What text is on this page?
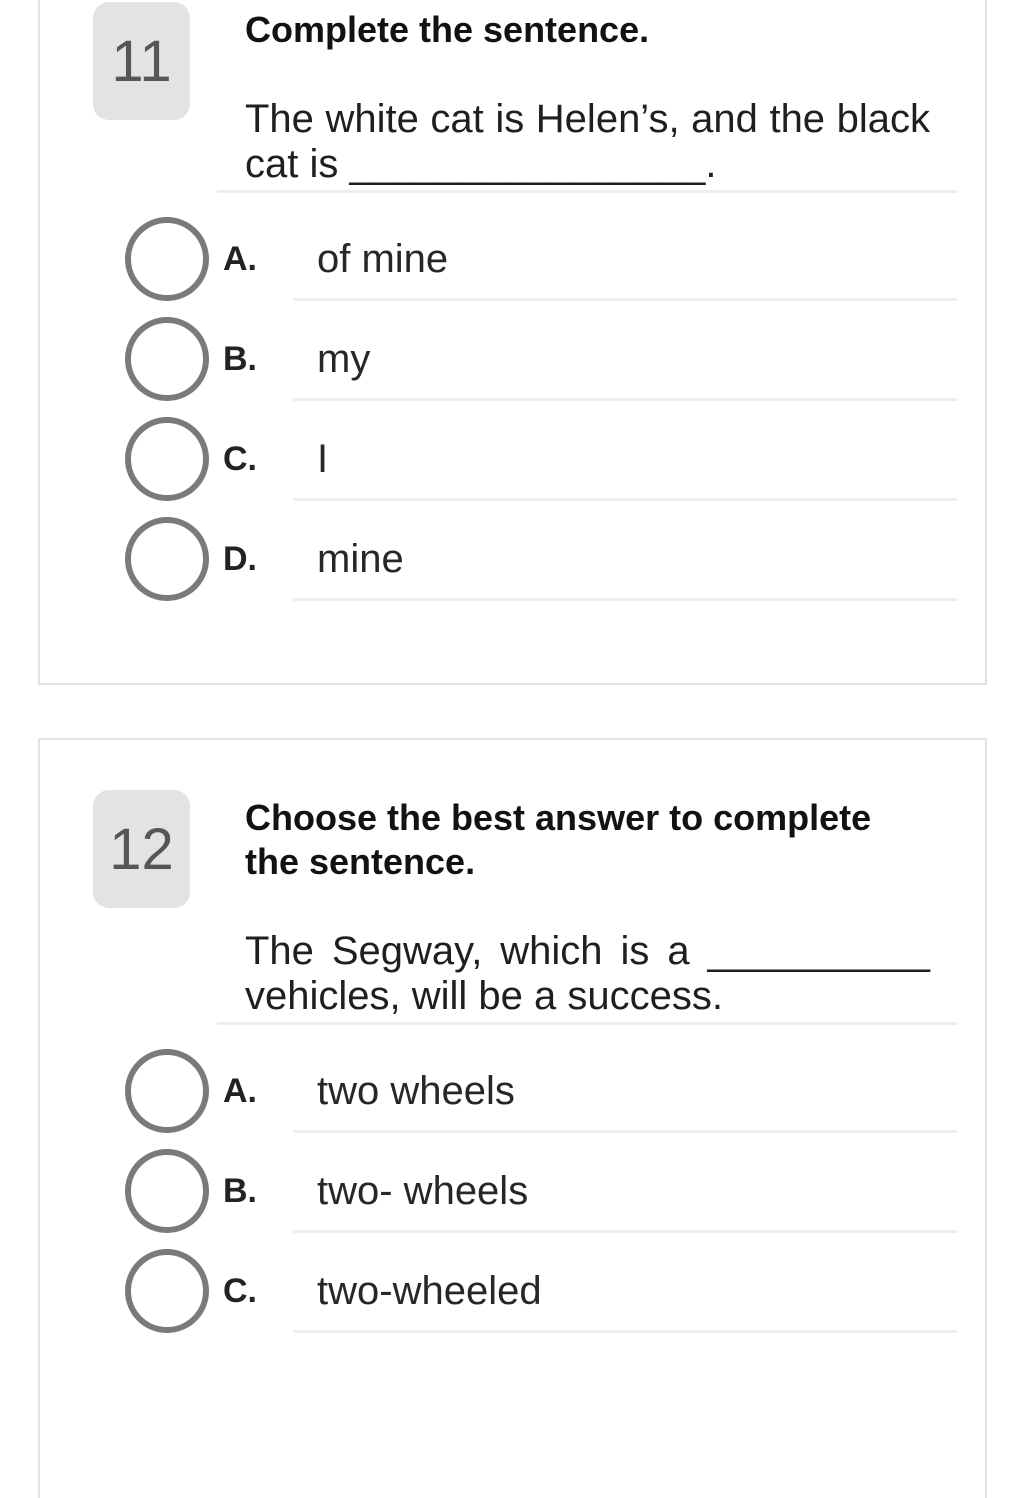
11	Complete the sentence.
The white cat is Helen’s, and the black cat is ________________.
A.	of mine
B.	my
C.	I
D.	mine
12	Choose the best answer to complete the sentence.
The Segway, which is a __________ vehicles, will be a success.
A.	two wheels
B.	two- wheels
C.	two-wheeled
